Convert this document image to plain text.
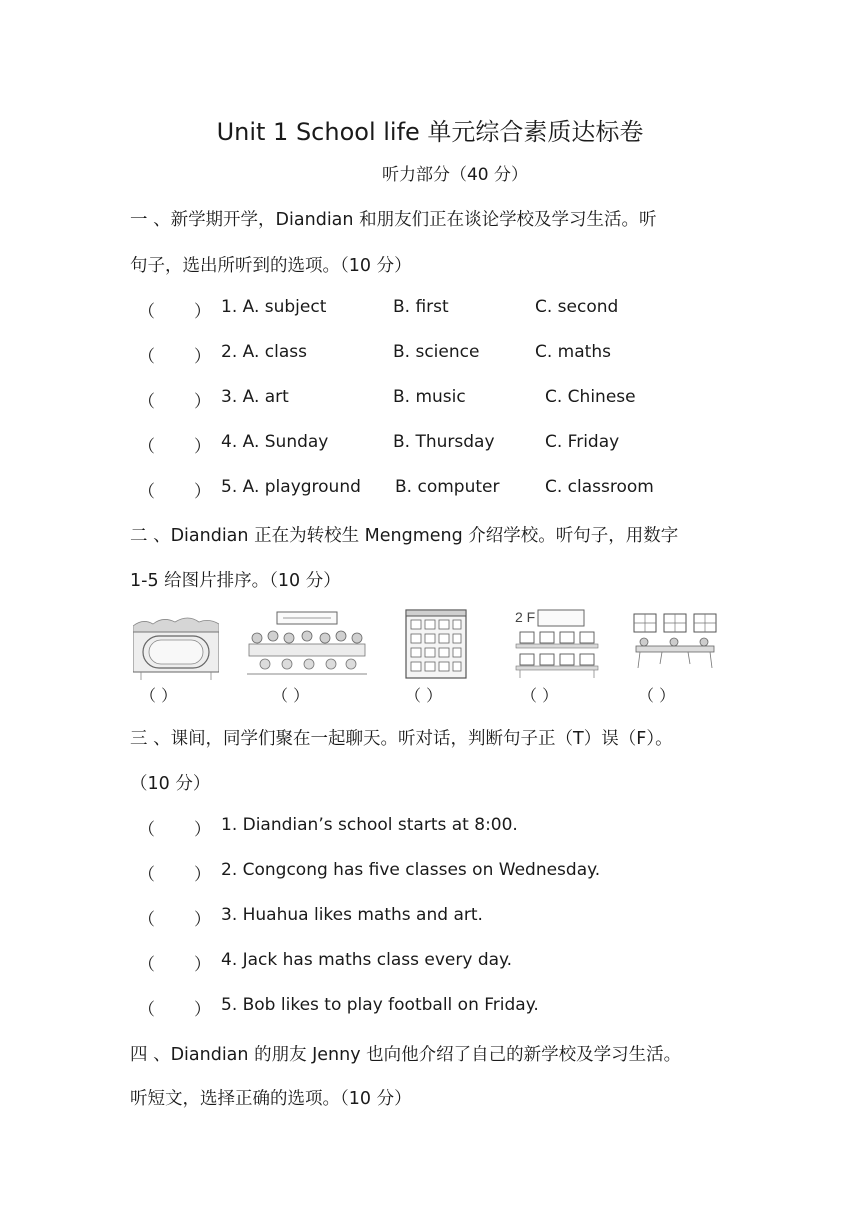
Unit 1 School life 单元综合素质达标卷
听力部分（40 分）
一 、新学期开学，Diandian 和朋友们正在谈论学校及学习生活。听
句子，选出所听到的选项。（10 分）
（ ） 1. A. subject	B. first	C. second
（ ） 2. A. class	B. science	C. maths
（ ） 3. A. art	B. music	C. Chinese
（ ） 4. A. Sunday	B. Thursday	C. Friday
（ ） 5. A. playground B. computer	C. classroom
二 、Diandian 正在为转校生 Mengmeng 介绍学校。听句子，用数字
1-5 给图片排序。（10 分）
2 F
（ ）	（ ）	（ ）	（ ）	（ ）
三 、课间，同学们聚在一起聊天。听对话，判断句子正（T）误（F）。
（10 分）
（ ） 1. Diandian’s school starts at 8:00.
（ ） 2. Congcong has five classes on Wednesday.
（ ） 3. Huahua likes maths and art.
（ ） 4. Jack has maths class every day.
（ ） 5. Bob likes to play football on Friday.
四 、Diandian 的朋友 Jenny 也向他介绍了自己的新学校及学习生活。
听短文，选择正确的选项。（10 分）
